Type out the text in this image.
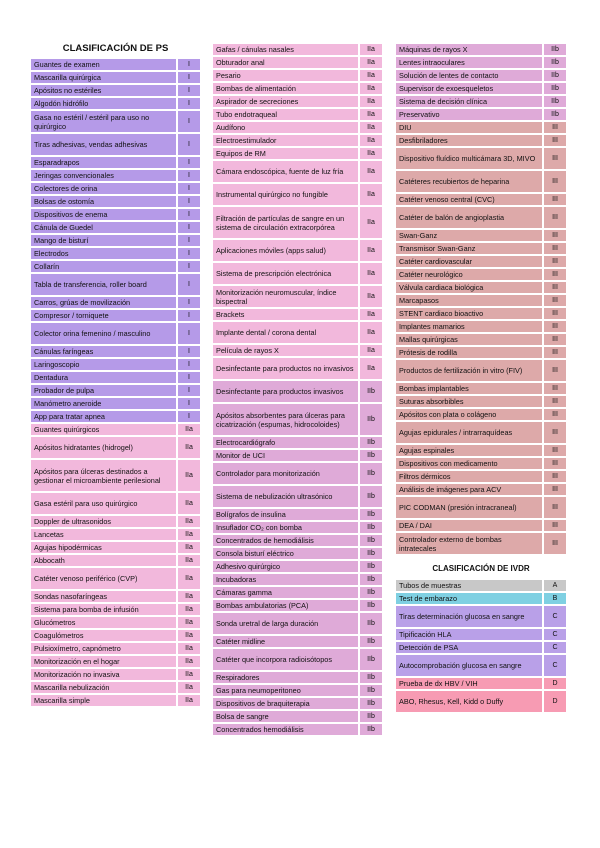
CLASIFICACIÓN DE PS
Guantes de examen	I
Mascarilla quirúrgica	I
Apósitos no estériles	I
Algodón hidrófilo	I
Gasa no estéril / estéril para uso no quirúrgico	I
Tiras adhesivas, vendas adhesivas	I
Esparadrapos	I
Jeringas convencionales	I
Colectores de orina	I
Bolsas de ostomía	I
Dispositivos de enema	I
Cánula de Guedel	I
Mango de bisturí	I
Electrodos	I
Collarín	I
Tabla de transferencia, roller board	I
Carros, grúas de movilización	I
Compresor / torniquete	I
Colector orina femenino / masculino	I
Cánulas faríngeas	I
Laringoscopio	I
Dentadura	I
Probador de pulpa	I
Manómetro aneroide	I
App para tratar apnea	I
Guantes quirúrgicos	IIa
Apósitos hidratantes (hidrogel)	IIa
Apósitos para úlceras destinados a gestionar el microambiente perilesional	IIa
Gasa estéril para uso quirúrgico	IIa
Doppler de ultrasonidos	IIa
Lancetas	IIa
Agujas hipodérmicas	IIa
Abbocath	IIa
Catéter venoso periférico (CVP)	IIa
Sondas nasofaríngeas	IIa
Sistema para bomba de infusión	IIa
Glucómetros	IIa
Coagulómetros	IIa
Pulsioxímetro, capnómetro	IIa
Monitorización en el hogar	IIa
Monitorización no invasiva	IIa
Mascarilla nebulización	IIa
Mascarilla simple	IIa
Gafas / cánulas nasales	IIa
Obturador anal	IIa
Pesario	IIa
Bombas de alimentación	IIa
Aspirador de secreciones	IIa
Tubo endotraqueal	IIa
Audífono	IIa
Electroestimulador	IIa
Equipos de RM	IIa
Cámara endoscópica, fuente de luz fría	IIa
Instrumental quirúrgico no fungible	IIa
Filtración de partículas de sangre en un sistema de circulación extracorpórea	IIa
Aplicaciones móviles (apps salud)	IIa
Sistema de prescripción electrónica	IIa
Monitorización neuromuscular, índice bispectral	IIa
Brackets	IIa
Implante dental / corona dental	IIa
Película de rayos X	IIa
Desinfectante para productos no invasivos	IIa
Desinfectante para productos invasivos	IIb
Apósitos absorbentes para úlceras para cicatrización (espumas, hidrocoloides)	IIb
Electrocardiógrafo	IIb
Monitor de UCI	IIb
Controlador para monitorización	IIb
Sistema de nebulización ultrasónico	IIb
Bolígrafos de insulina	IIb
Insuflador CO₂ con bomba	IIb
Concentrados de hemodiálisis	IIb
Consola bisturí eléctrico	IIb
Adhesivo quirúrgico	IIb
Incubadoras	IIb
Cámaras gamma	IIb
Bombas ambulatorias (PCA)	IIb
Sonda uretral de larga duración	IIb
Catéter midline	IIb
Catéter que incorpora radioisótopos	IIb
Respiradores	IIb
Gas para neumoperitoneo	IIb
Dispositivos de braquiterapia	IIb
Bolsa de sangre	IIb
Concentrados hemodiálisis	IIb
Máquinas de rayos X	IIb
Lentes intraoculares	IIb
Solución de lentes de contacto	IIb
Supervisor de exoesqueletos	IIb
Sistema de decisión clínica	IIb
Preservativo	IIb
DIU	III
Desfibriladores	III
Dispositivo fluídico multicámara 3D, MIVO	III
Catéteres recubiertos de heparina	III
Catéter venoso central (CVC)	III
Catéter de balón de angioplastia	III
Swan-Ganz	III
Transmisor Swan-Ganz	III
Catéter cardiovascular	III
Catéter neurológico	III
Válvula cardiaca biológica	III
Marcapasos	III
STENT cardiaco bioactivo	III
Implantes mamarios	III
Mallas quirúrgicas	III
Prótesis de rodilla	III
Productos de fertilización in vitro (FIV)	III
Bombas implantables	III
Suturas absorbibles	III
Apósitos con plata o colágeno	III
Agujas epidurales / intrarraquídeas	III
Agujas espinales	III
Dispositivos con medicamento	III
Filtros dérmicos	III
Análisis de imágenes para ACV	III
PIC CODMAN (presión intracraneal)	III
DEA / DAI	III
Controlador externo de bombas intratecales	III
CLASIFICACIÓN DE IVDR
Tubos de muestras	A
Test de embarazo	B
Tiras determinación glucosa en sangre	C
Tipificación HLA	C
Detección de PSA	C
Autocomprobación glucosa en sangre	C
Prueba de dx HBV / VIH	D
ABO, Rhesus, Kell, Kidd o Duffy	D
